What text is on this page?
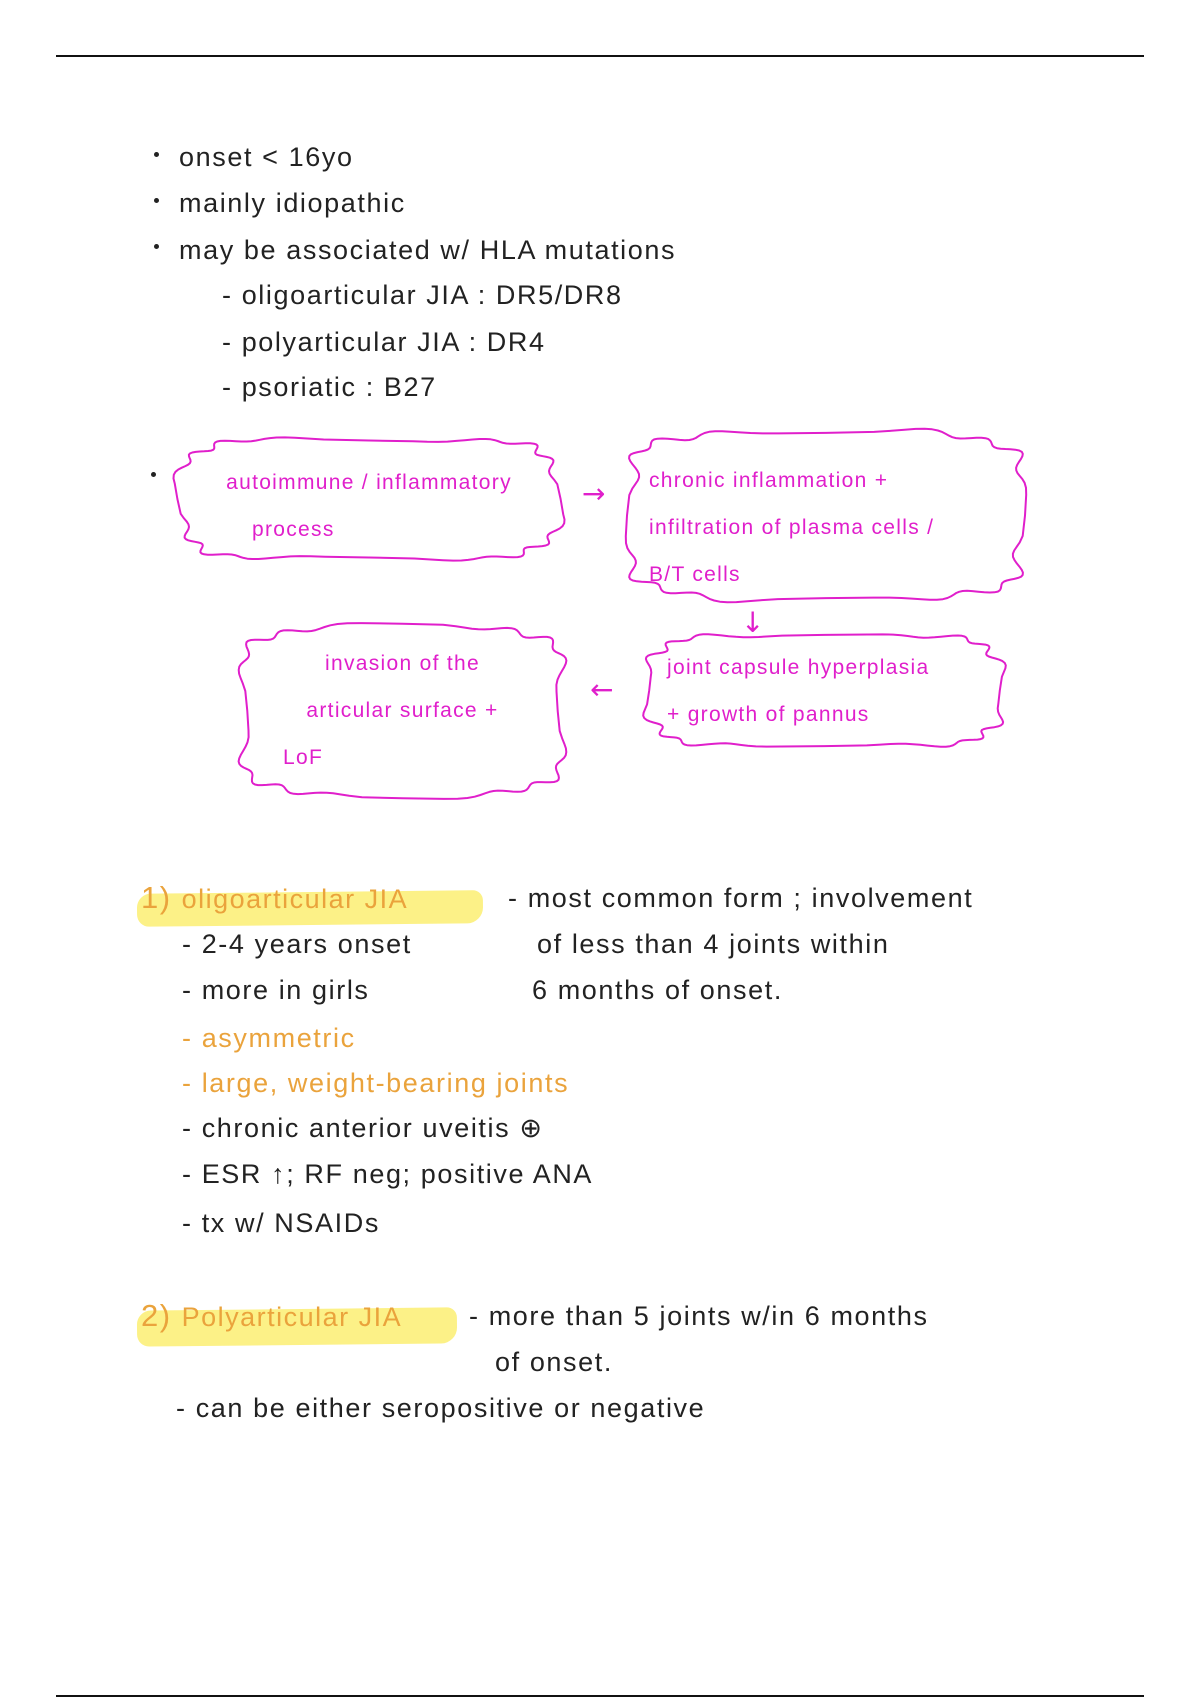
onset < 16yo
mainly idiopathic
may be associated w/ HLA mutations
- oligoarticular JIA : DR5/DR8
- polyarticular JIA : DR4
- psoriatic : B27
autoimmune / inflammatory
process
→ chronic inflammation +
infiltration of plasma cells /
B/T cells
↓
joint capsule hyperplasia
+ growth of pannus
←
invasion of the
articular surface +
LoF
1) oligoarticular JIA	- most common form ; involvement
of less than 4 joints within
6 months of onset.
- 2-4 years onset
- more in girls
- asymmetric
- large, weight-bearing joints
- chronic anterior uveitis ⊕
- ESR ↑; RF neg; positive ANA
- tx w/ NSAIDs
2) Polyarticular JIA - more than 5 joints w/in 6 months
of onset.
- can be either seropositive or negative
